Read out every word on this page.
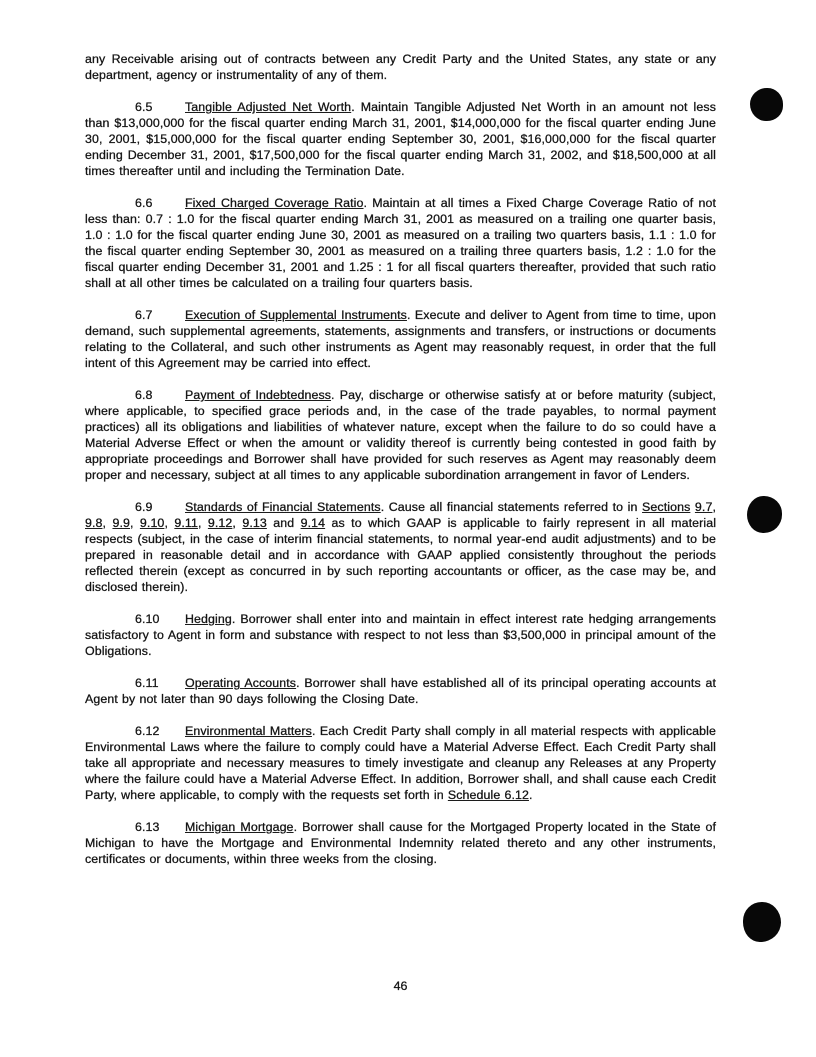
any Receivable arising out of contracts between any Credit Party and the United States, any state or any department, agency or instrumentality of any of them.

6.5	Tangible Adjusted Net Worth. Maintain Tangible Adjusted Net Worth in an amount not less than $13,000,000 for the fiscal quarter ending March 31, 2001, $14,000,000 for the fiscal quarter ending June 30, 2001, $15,000,000 for the fiscal quarter ending September 30, 2001, $16,000,000 for the fiscal quarter ending December 31, 2001, $17,500,000 for the fiscal quarter ending March 31, 2002, and $18,500,000 at all times thereafter until and including the Termination Date.

6.6	Fixed Charged Coverage Ratio. Maintain at all times a Fixed Charge Coverage Ratio of not less than: 0.7 : 1.0 for the fiscal quarter ending March 31, 2001 as measured on a trailing one quarter basis, 1.0 : 1.0 for the fiscal quarter ending June 30, 2001 as measured on a trailing two quarters basis, 1.1 : 1.0 for the fiscal quarter ending September 30, 2001 as measured on a trailing three quarters basis, 1.2 : 1.0 for the fiscal quarter ending December 31, 2001 and 1.25 : 1 for all fiscal quarters thereafter, provided that such ratio shall at all other times be calculated on a trailing four quarters basis.

6.7	Execution of Supplemental Instruments. Execute and deliver to Agent from time to time, upon demand, such supplemental agreements, statements, assignments and transfers, or instructions or documents relating to the Collateral, and such other instruments as Agent may reasonably request, in order that the full intent of this Agreement may be carried into effect.

6.8	Payment of Indebtedness. Pay, discharge or otherwise satisfy at or before maturity (subject, where applicable, to specified grace periods and, in the case of the trade payables, to normal payment practices) all its obligations and liabilities of whatever nature, except when the failure to do so could have a Material Adverse Effect or when the amount or validity thereof is currently being contested in good faith by appropriate proceedings and Borrower shall have provided for such reserves as Agent may reasonably deem proper and necessary, subject at all times to any applicable subordination arrangement in favor of Lenders.

6.9	Standards of Financial Statements. Cause all financial statements referred to in Sections 9.7, 9.8, 9.9, 9.10, 9.11, 9.12, 9.13 and 9.14 as to which GAAP is applicable to fairly represent in all material respects (subject, in the case of interim financial statements, to normal year-end audit adjustments) and to be prepared in reasonable detail and in accordance with GAAP applied consistently throughout the periods reflected therein (except as concurred in by such reporting accountants or officer, as the case may be, and disclosed therein).

6.10 Hedging. Borrower shall enter into and maintain in effect interest rate hedging arrangements satisfactory to Agent in form and substance with respect to not less than $3,500,000 in principal amount of the Obligations.

6.11 Operating Accounts. Borrower shall have established all of its principal operating accounts at Agent by not later than 90 days following the Closing Date.

6.12 Environmental Matters. Each Credit Party shall comply in all material respects with applicable Environmental Laws where the failure to comply could have a Material Adverse Effect. Each Credit Party shall take all appropriate and necessary measures to timely investigate and cleanup any Releases at any Property where the failure could have a Material Adverse Effect. In addition, Borrower shall, and shall cause each Credit Party, where applicable, to comply with the requests set forth in Schedule 6.12.

6.13 Michigan Mortgage. Borrower shall cause for the Mortgaged Property located in the State of Michigan to have the Mortgage and Environmental Indemnity related thereto and any other instruments, certificates or documents, within three weeks from the closing.

46
